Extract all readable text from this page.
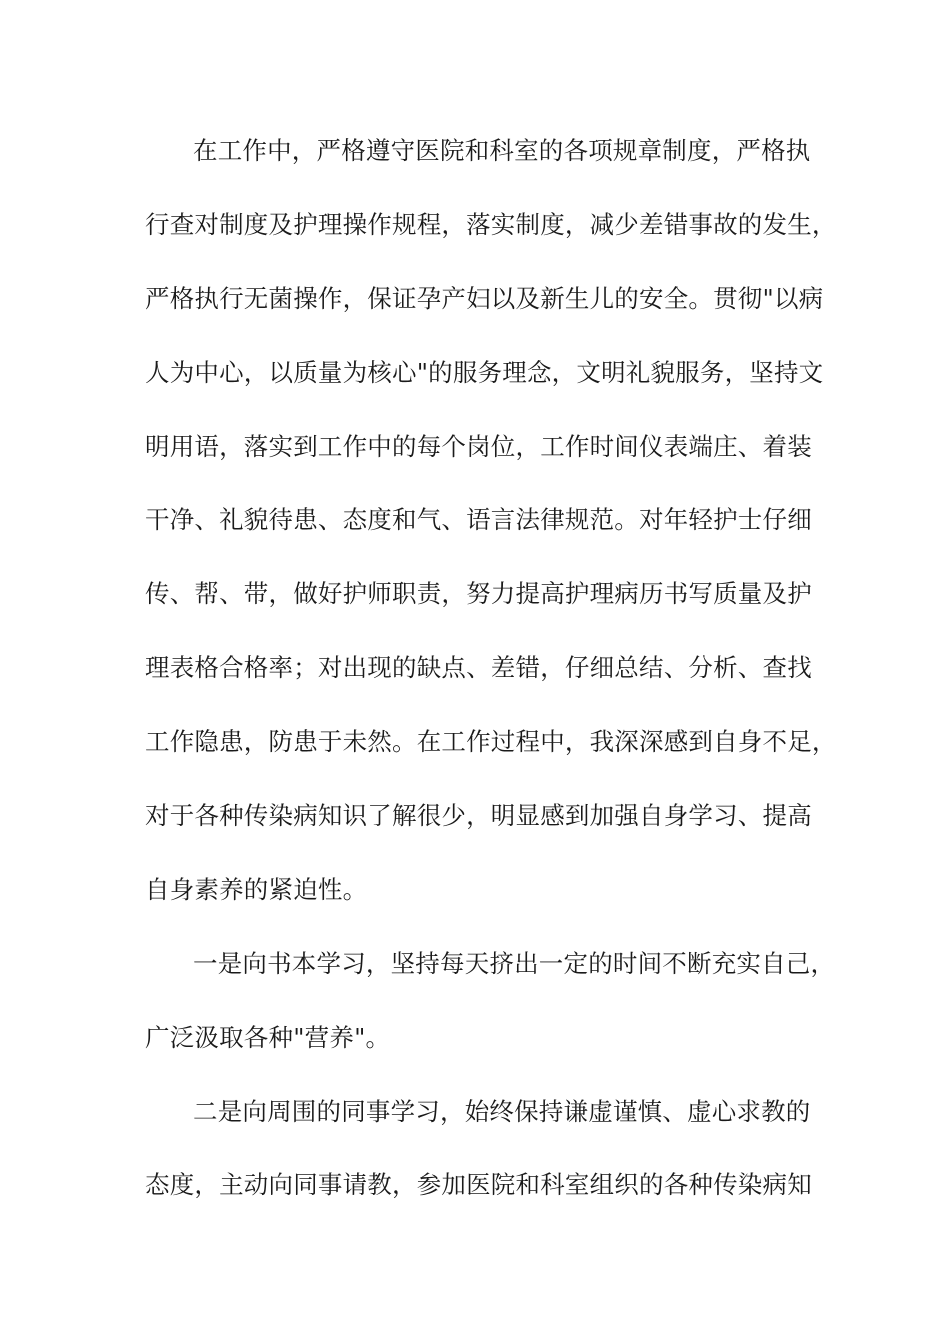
在工作中，严格遵守医院和科室的各项规章制度，严格执
行查对制度及护理操作规程，落实制度，减少差错事故的发生，
严格执行无菌操作，保证孕产妇以及新生儿的安全。贯彻"以病
人为中心，以质量为核心"的服务理念，文明礼貌服务，坚持文
明用语，落实到工作中的每个岗位，工作时间仪表端庄、着装
干净、礼貌待患、态度和气、语言法律规范。对年轻护士仔细
传、帮、带，做好护师职责，努力提高护理病历书写质量及护
理表格合格率；对出现的缺点、差错，仔细总结、分析、查找
工作隐患，防患于未然。在工作过程中，我深深感到自身不足，
对于各种传染病知识了解很少，明显感到加强自身学习、提高
自身素养的紧迫性。
一是向书本学习，坚持每天挤出一定的时间不断充实自己，
广泛汲取各种"营养"。
二是向周围的同事学习，始终保持谦虚谨慎、虚心求教的
态度，主动向同事请教，参加医院和科室组织的各种传染病知
